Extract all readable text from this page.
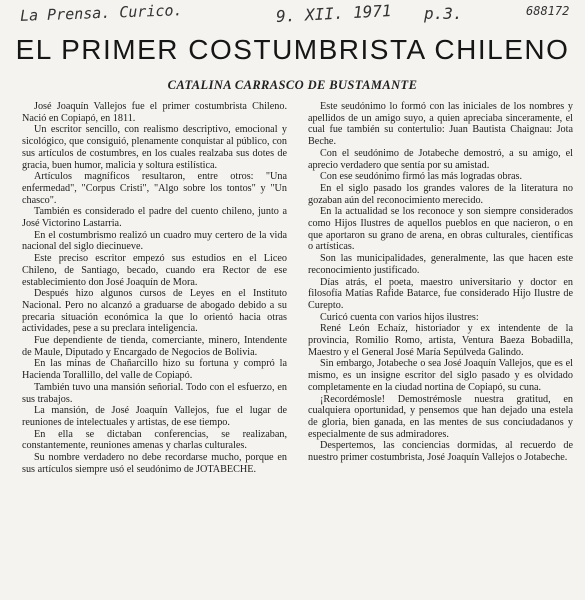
La Prensa. Curico.	9. XII. 1971 p.3.	688172
EL PRIMER COSTUMBRISTA CHILENO
CATALINA CARRASCO DE BUSTAMANTE

José Joaquín Vallejos fue el primer costumbrista Chileno. Nació en Copiapó, en 1811.

Un escritor sencillo, con realismo descriptivo, emocional y sicológico, que consiguió, plenamente conquistar al público, con sus artículos de costumbres, en los cuales realzaba sus dotes de gracia, buen humor, malicia y soltura estilística.

Artículos magníficos resultaron, entre otros: "Una enfermedad", "Corpus Cristi", "Algo sobre los tontos" y "Un chasco".

También es considerado el padre del cuento chileno, junto a José Victorino Lastarria.

En el costumbrismo realizó un cuadro muy certero de la vida nacional del siglo diecinueve.

Este preciso escritor empezó sus estudios en el Liceo Chileno, de Santiago, becado, cuando era Rector de ese establecimiento don José Joaquín de Mora.

Después hizo algunos cursos de Leyes en el Instituto Nacional. Pero no alcanzó a graduarse de abogado debido a su precaria situación económica la que lo orientó hacia otras actividades, pese a su preclara inteligencia.

Fue dependiente de tienda, comerciante, minero, Intendente de Maule, Diputado y Encargado de Negocios de Bolivia.

En las minas de Chañarcillo hizo su fortuna y compró la Hacienda Torallillo, del valle de Copiapó.

También tuvo una mansión señorial. Todo con el esfuerzo, en sus trabajos.

La mansión, de José Joaquín Vallejos, fue el lugar de reuniones de intelectuales y artistas, de ese tiempo.

En ella se dictaban conferencias, se realizaban, constantemente, reuniones amenas y charlas culturales.

Su nombre verdadero no debe recordarse mucho, porque en sus artículos siempre usó el seudónimo de JOTABECHE.

Este seudónimo lo formó con las iniciales de los nombres y apellidos de un amigo suyo, a quien apreciaba sinceramente, el cual fue también su contertulio: Juan Bautista Chaignau: Jota Beche.

Con el seudónimo de Jotabeche demostró, a su amigo, el aprecio verdadero que sentía por su amistad.

Con ese seudónimo firmó las más logradas obras.

En el siglo pasado los grandes valores de la literatura no gozaban aún del reconocimiento merecido.

En la actualidad se los reconoce y son siempre considerados como Hijos Ilustres de aquellos pueblos en que nacieron, o en que aportaron su grano de arena, en obras culturales, científicas o artísticas.

Son las municipalidades, generalmente, las que hacen este reconocimiento justificado.

Días atrás, el poeta, maestro universitario y doctor en filosofía Matías Rafide Batarce, fue considerado Hijo Ilustre de Curepto.

Curicó cuenta con varios hijos ilustres:

René León Echaíz, historiador y ex intendente de la provincia, Romilio Romo, artista, Ventura Baeza Bobadilla, Maestro y el General José María Sepúlveda Galindo.

Sin embargo, Jotabeche o sea José Joaquín Vallejos, que es el mismo, es un insigne escritor del siglo pasado y es olvidado completamente en la ciudad nortina de Copiapó, su cuna.

¡Recordémosle! Demostrémosle nuestra gratitud, en cualquiera oportunidad, y pensemos que han dejado una estela de gloria, bien ganada, en las mentes de sus conciudadanos y especialmente de sus admiradores.

Despertemos, las conciencias dormidas, al recuerdo de nuestro primer costumbrista, José Joaquín Vallejos o Jotabeche.
